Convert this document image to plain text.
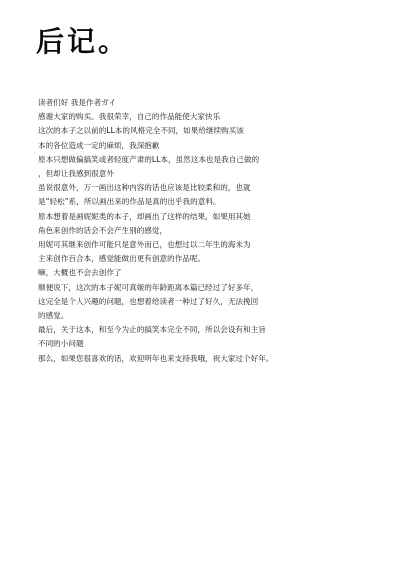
后记。
读者们好 我是作者ガイ
感谢大家的购买。我很荣幸，自己的作品能使大家快乐
这次的本子之以前的LL本的风格完全不同，如果给继续购买该
本的各位造成一定的麻烦，我深抱歉
原本只想做偏搞笑或者轻度产肃的LL本，虽然这本也是我自己做的
，但却让我感到很意外
虽说很意外，万一画出这种内容的话也应该是比较柔和的，也就
是“轻松”系，所以画出来的作品是真的出乎我的意料。
原本想着是画妮妮类的本子，却画出了这样的结果，如果用其她
角色来创作的话会不会产生别的感觉，
用妮可其继来创作可能只是意外而已，也想过以二年生的海未为
主来创作百合本，感觉能做出更有创意的作品呢。
嘛，大概也不会去创作了
顺便说下，这次的本子妮可真姬的年龄距离本篇已经过了好多年，
这完全是个人兴趣的问题，也想着给读者一种过了好久，无法挽回
的感觉。
最后，关于这本，和至今为止的搞笑本完全不同，所以会设有和主旨
不同的小问题
那么，如果您很喜欢的话，欢迎明年也来支持我哦，祝大家过个好年。
